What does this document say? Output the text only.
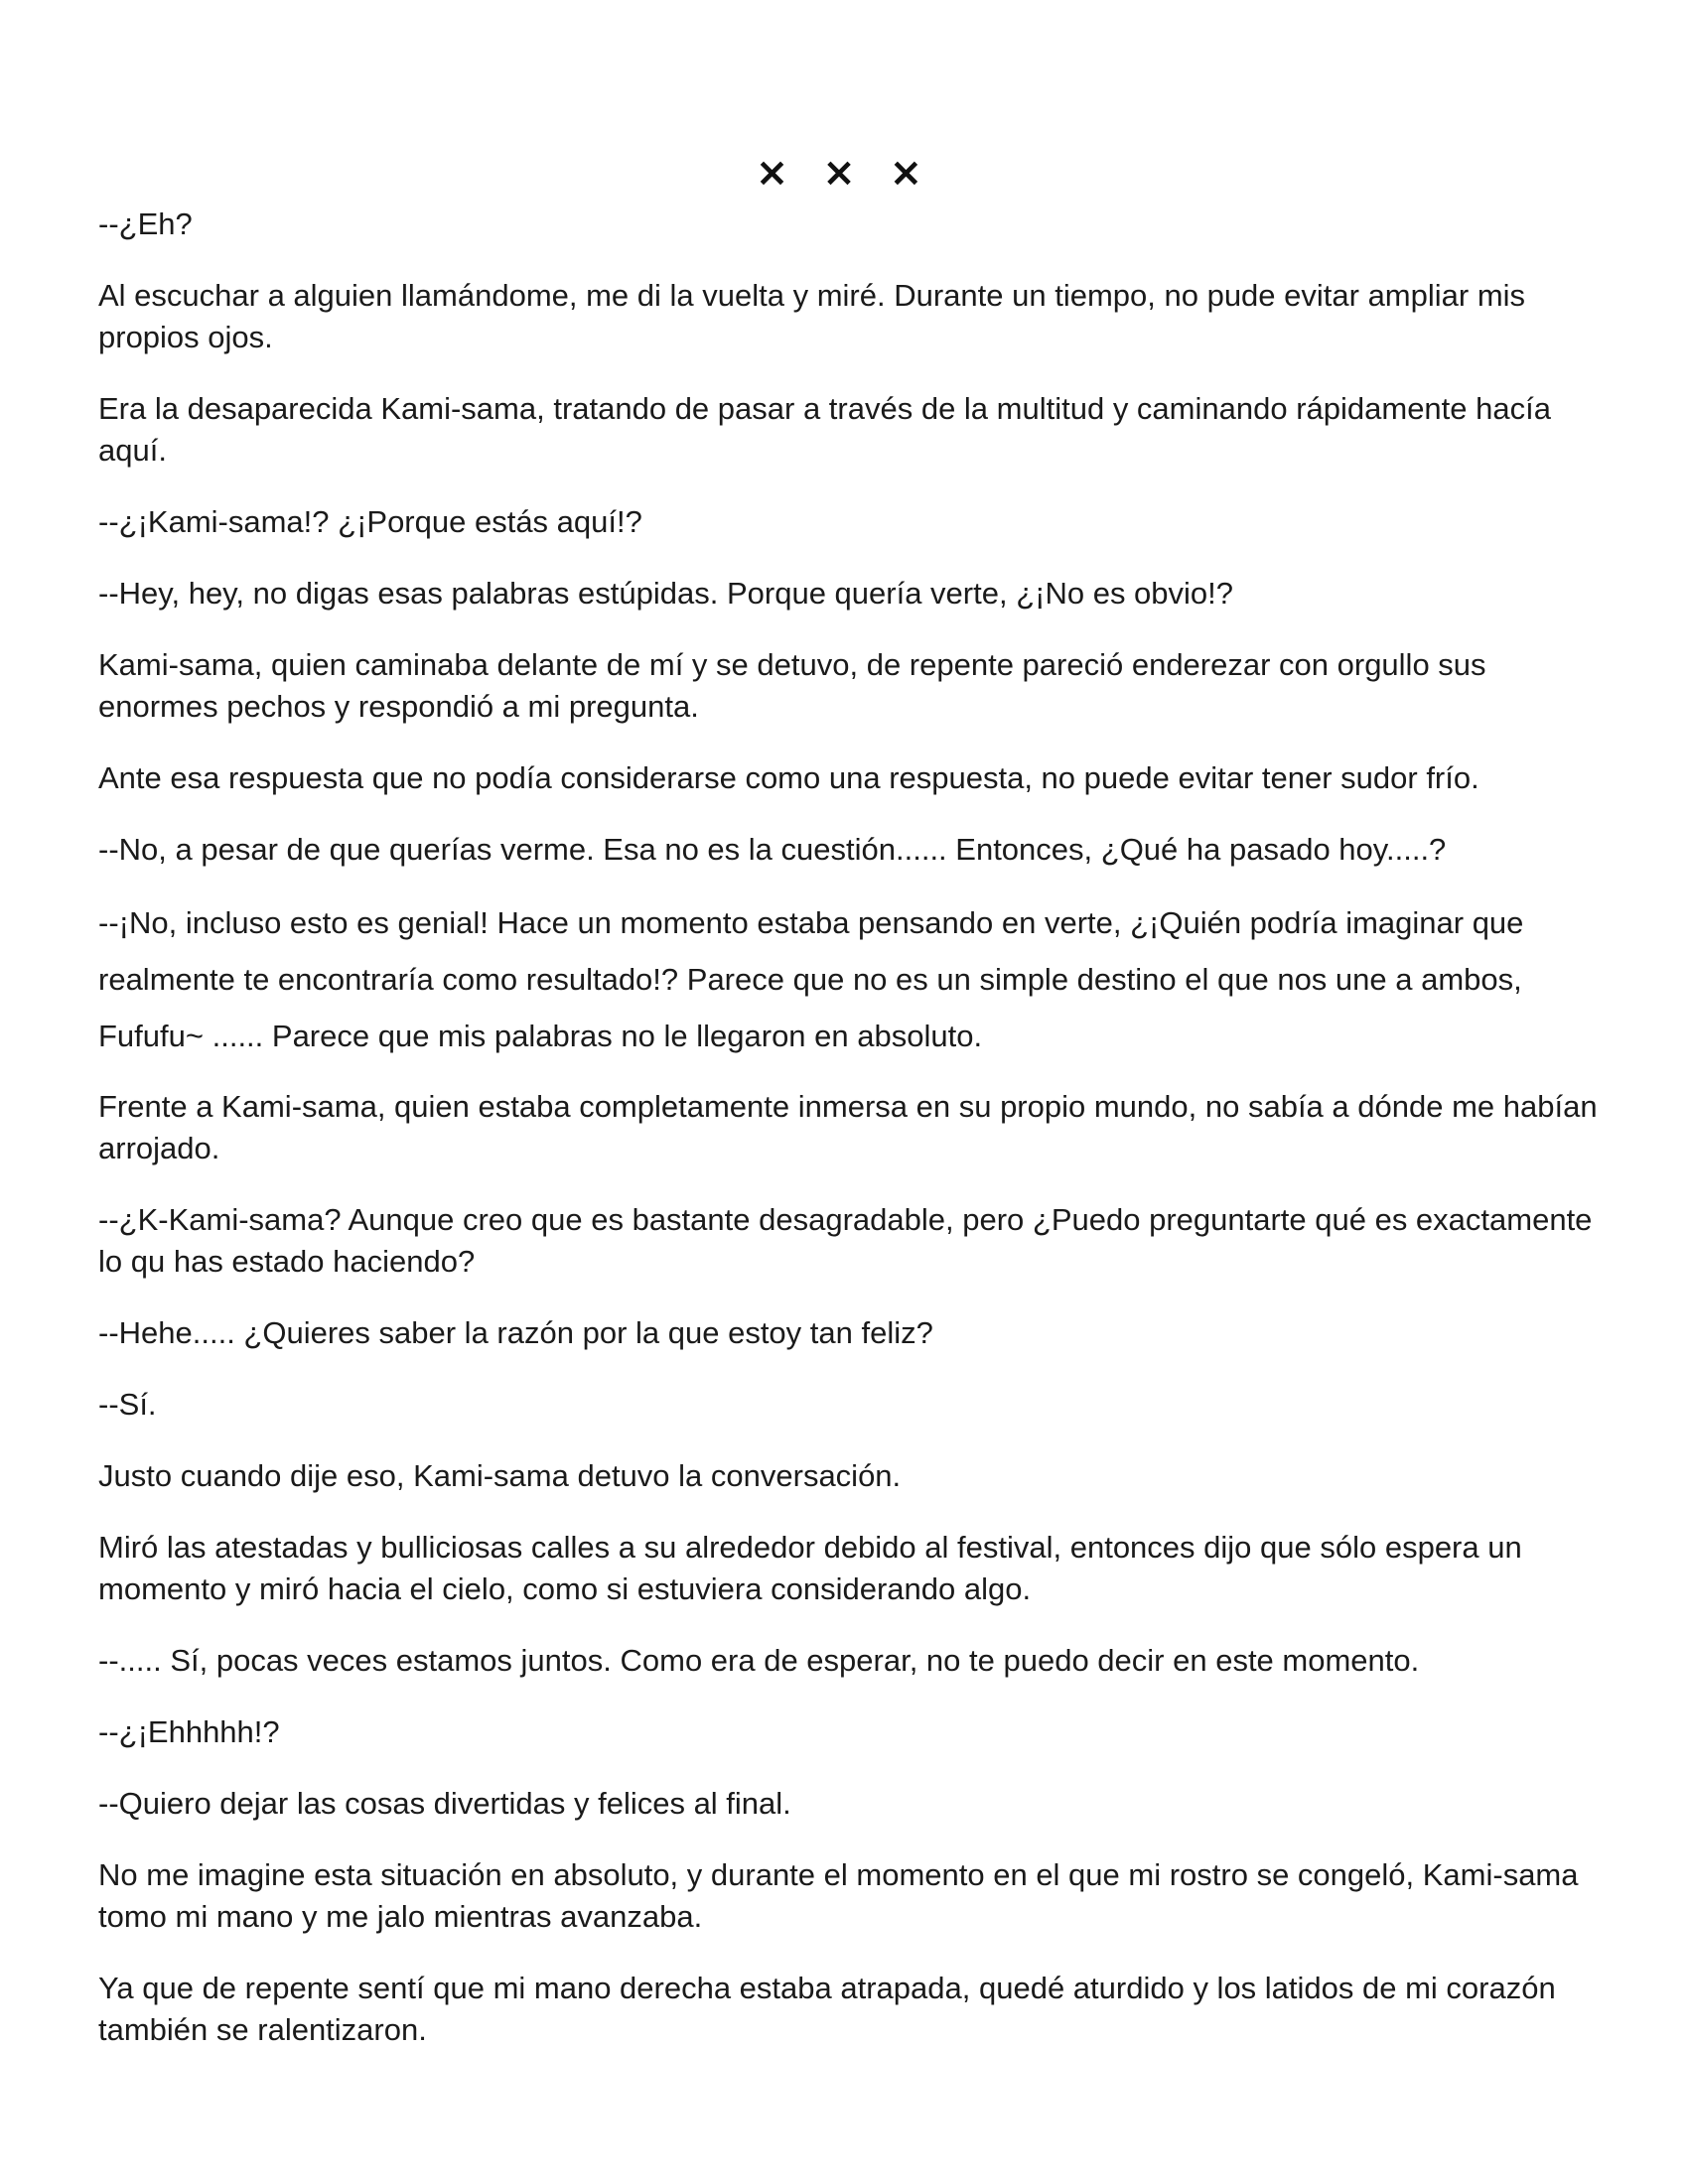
× × ×

--¿Eh?

Al escuchar a alguien llamándome, me di la vuelta y miré. Durante un tiempo, no pude evitar ampliar mis propios ojos.

Era la desaparecida Kami-sama, tratando de pasar a través de la multitud y caminando rápidamente hacía aquí.

--¿¡Kami-sama!? ¿¡Porque estás aquí!?

--Hey, hey, no digas esas palabras estúpidas. Porque quería verte, ¿¡No es obvio!?

Kami-sama, quien caminaba delante de mí y se detuvo, de repente pareció enderezar con orgullo sus enormes pechos y respondió a mi pregunta.

Ante esa respuesta que no podía considerarse como una respuesta, no puede evitar tener sudor frío.

--No, a pesar de que querías verme. Esa no es la cuestión...... Entonces, ¿Qué ha pasado hoy.....?

--¡No, incluso esto es genial! Hace un momento estaba pensando en verte, ¿¡Quién podría imaginar que realmente te encontraría como resultado!? Parece que no es un simple destino el que nos une a ambos, Fufufu~ ...... Parece que mis palabras no le llegaron en absoluto.

Frente a Kami-sama, quien estaba completamente inmersa en su propio mundo, no sabía a dónde me habían arrojado.

--¿K-Kami-sama? Aunque creo que es bastante desagradable, pero ¿Puedo preguntarte qué es exactamente lo qu has estado haciendo?

--Hehe..... ¿Quieres saber la razón por la que estoy tan feliz?

--Sí.

Justo cuando dije eso, Kami-sama detuvo la conversación.

Miró las atestadas y bulliciosas calles a su alrededor debido al festival, entonces dijo que sólo espera un momento y miró hacia el cielo, como si estuviera considerando algo.

--..... Sí, pocas veces estamos juntos. Como era de esperar, no te puedo decir en este momento.

--¿¡Ehhhhh!?

--Quiero dejar las cosas divertidas y felices al final.

No me imagine esta situación en absoluto, y durante el momento en el que mi rostro se congeló, Kami-sama tomo mi mano y me jalo mientras avanzaba.

Ya que de repente sentí que mi mano derecha estaba atrapada, quedé aturdido y los latidos de mi corazón también se ralentizaron.
